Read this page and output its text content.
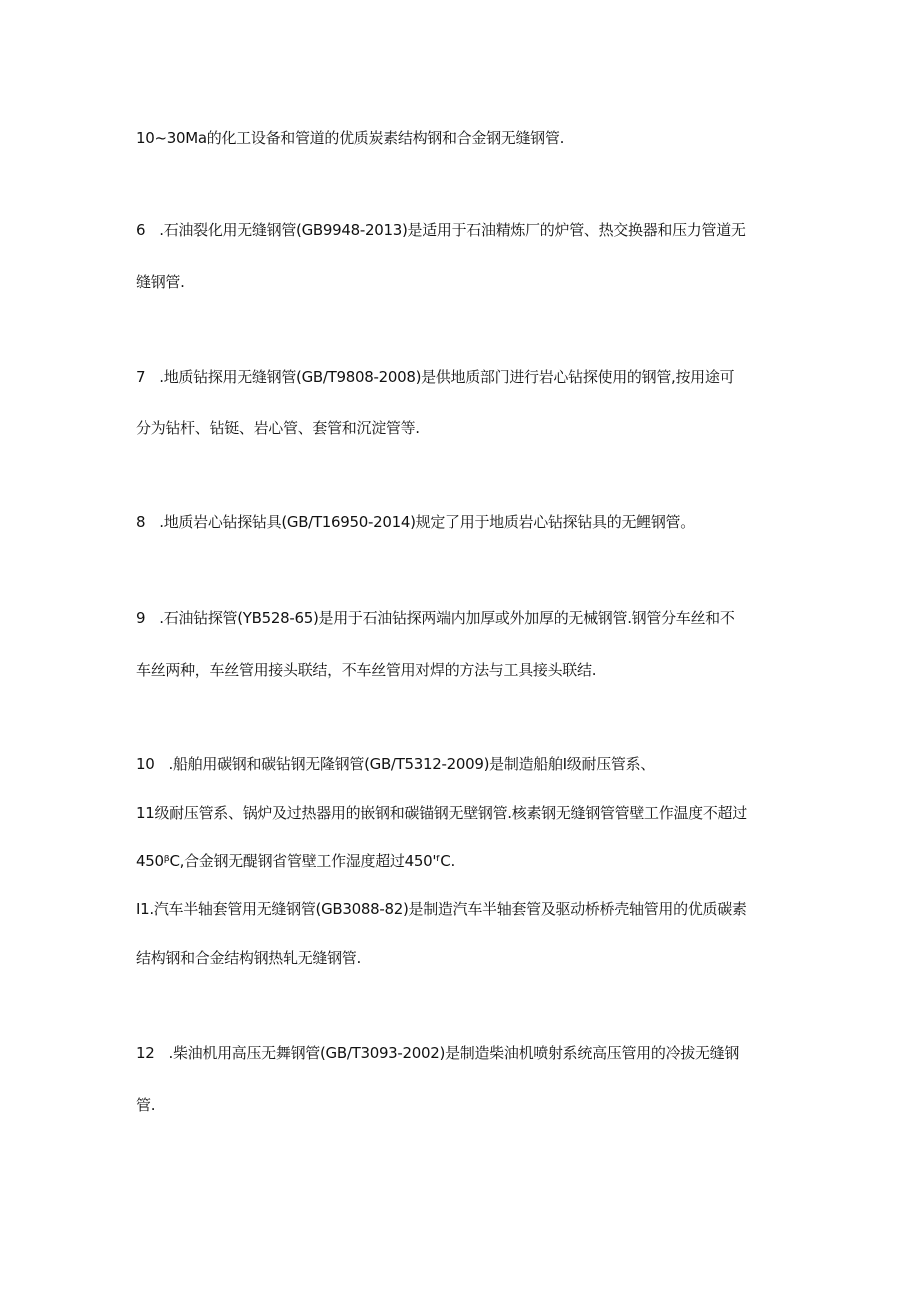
10~30Ma的化工设备和管道的优质炭素结构钢和合金钢无缝钢管.
6 .石油裂化用无缝钢管(GB9948-2013)是适用于石油精炼厂的炉管、热交换器和压力管道无
缝钢管.
7 .地质钻探用无缝钢管(GB/T9808-2008)是供地质部门进行岩心钻探使用的钢管,按用途可
分为钻杆、钻铤、岩心管、套管和沉淀管等.
8 .地质岩心钻探钻具(GB/T16950-2014)规定了用于地质岩心钻探钻具的无鲤钢管。
9 .石油钻探管(YB528-65)是用于石油钻探两端内加厚或外加厚的无械钢管.钢管分车丝和不
车丝两种，车丝管用接头联结，不车丝管用对焊的方法与工具接头联结.
10 .船舶用碳钢和碳钻钢无隆钢管(GB/T5312-2009)是制造船舶I级耐压管系、
11级耐压管系、锅炉及过热器用的嵌钢和碳锚钢无壁钢管.核素钢无缝钢管管壁工作温度不超过
450ᵝC,合金钢无醍钢省管壁工作湿度超过450'ᶠC.
I1.汽车半轴套管用无缝钢管(GB3088-82)是制造汽车半轴套管及驱动桥桥壳轴管用的优质碳素
结构钢和合金结构钢热轧无缝钢管.
12 .柴油机用高压无舞钢管(GB/T3093-2002)是制造柴油机喷射系统高压管用的冷拔无缝钢
管.
